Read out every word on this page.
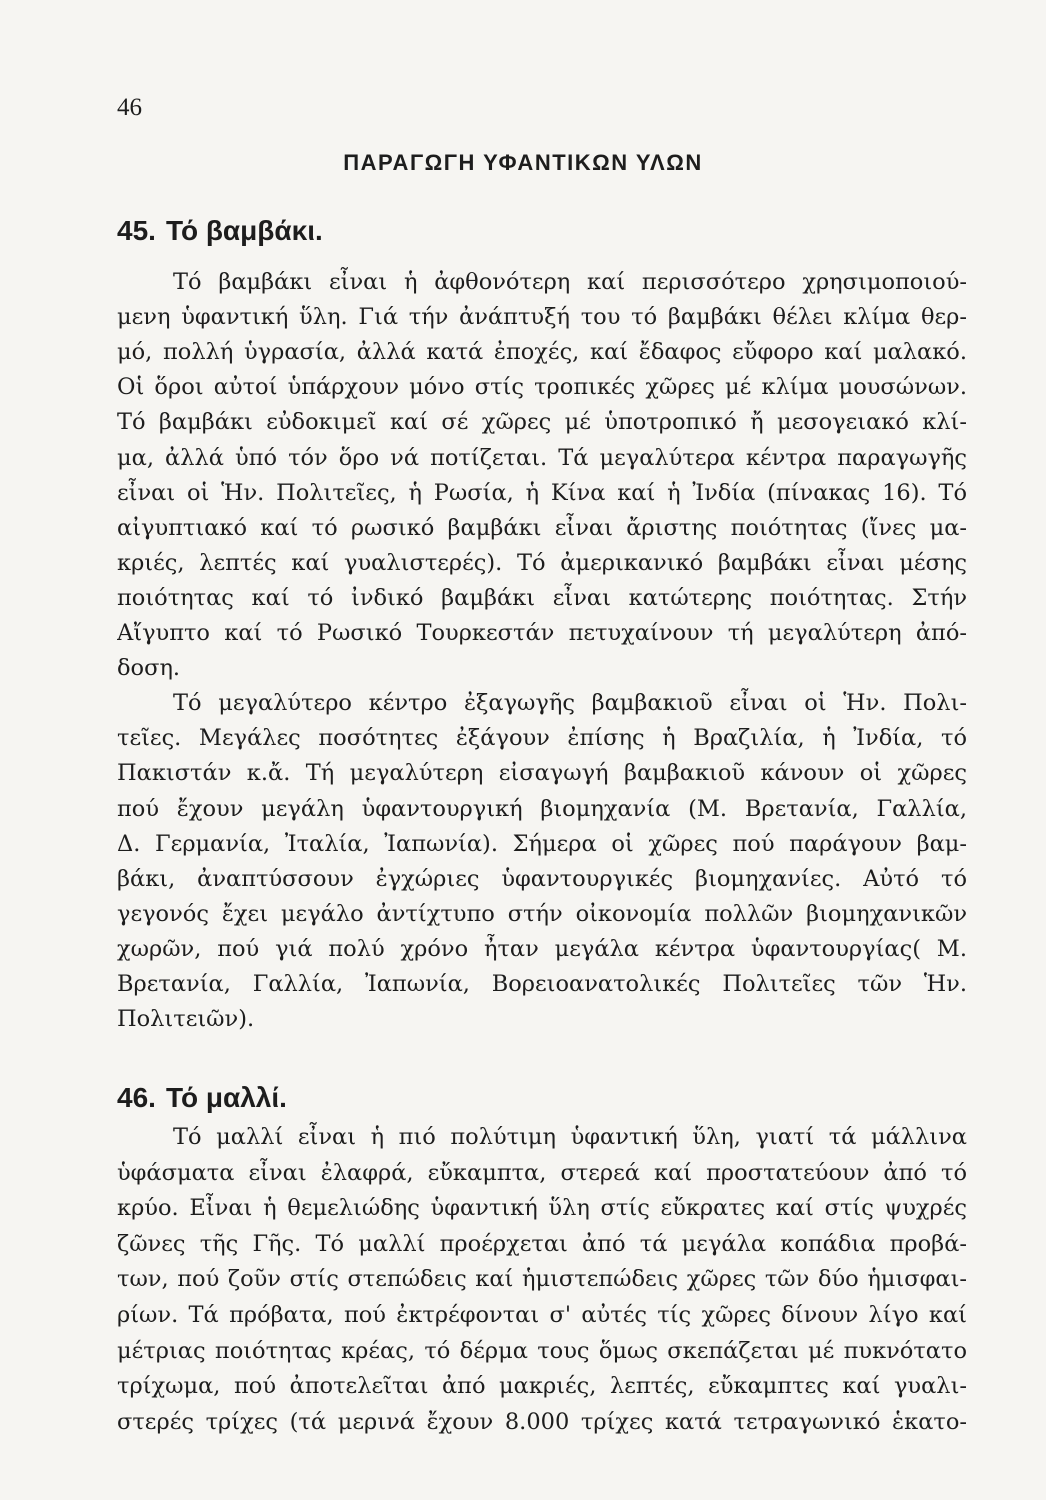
46
ΠΑΡΑΓΩΓΗ ΥΦΑΝΤΙΚΩΝ ΥΛΩΝ
45. Τό βαμβάκι.
Τό βαμβάκι εἶναι ἡ ἀφθονότερη καί περισσότερο χρησιμοποιού-
μενη ὑφαντική ὕλη. Γιά τήν ἀνάπτυξή του τό βαμβάκι θέλει κλίμα θερ-
μό, πολλή ὑγρασία, ἀλλά κατά ἐποχές, καί ἔδαφος εὔφορο καί μαλακό.
Οἱ ὅροι αὐτοί ὑπάρχουν μόνο στίς τροπικές χῶρες μέ κλίμα μουσώνων.
Τό βαμβάκι εὐδοκιμεῖ καί σέ χῶρες μέ ὑποτροπικό ἤ μεσογειακό κλί-
μα, ἀλλά ὑπό τόν ὅρο νά ποτίζεται. Τά μεγαλύτερα κέντρα παραγωγῆς
εἶναι οἱ Ἡν. Πολιτεῖες, ἡ Ρωσία, ἡ Κίνα καί ἡ Ἰνδία (πίνακας 16). Τό
αἰγυπτιακό καί τό ρωσικό βαμβάκι εἶναι ἄριστης ποιότητας (ἴνες μα-
κριές, λεπτές καί γυαλιστερές). Τό ἀμερικανικό βαμβάκι εἶναι μέσης
ποιότητας καί τό ἰνδικό βαμβάκι εἶναι κατώτερης ποιότητας. Στήν
Αἴγυπτο καί τό Ρωσικό Τουρκεστάν πετυχαίνουν τή μεγαλύτερη ἀπό-
δοση.
Τό μεγαλύτερο κέντρο ἐξαγωγῆς βαμβακιοῦ εἶναι οἱ Ἡν. Πολι-
τεῖες. Μεγάλες ποσότητες ἐξάγουν ἐπίσης ἡ Βραζιλία, ἡ Ἰνδία, τό
Πακιστάν κ.ἄ. Τή μεγαλύτερη εἰσαγωγή βαμβακιοῦ κάνουν οἱ χῶρες
πού ἔχουν μεγάλη ὑφαντουργική βιομηχανία (Μ. Βρετανία, Γαλλία,
Δ. Γερμανία, Ἰταλία, Ἰαπωνία). Σήμερα οἱ χῶρες πού παράγουν βαμ-
βάκι, ἀναπτύσσουν ἐγχώριες ὑφαντουργικές βιομηχανίες. Αὐτό τό
γεγονός ἔχει μεγάλο ἀντίχτυπο στήν οἰκονομία πολλῶν βιομηχανικῶν
χωρῶν, πού γιά πολύ χρόνο ἦταν μεγάλα κέντρα ὑφαντουργίας( Μ.
Βρετανία, Γαλλία, Ἰαπωνία, Βορειοανατολικές Πολιτεῖες τῶν Ἡν.
Πολιτειῶν).
46. Τό μαλλί.
Τό μαλλί εἶναι ἡ πιό πολύτιμη ὑφαντική ὕλη, γιατί τά μάλλινα
ὑφάσματα εἶναι ἐλαφρά, εὔκαμπτα, στερεά καί προστατεύουν ἀπό τό
κρύο. Εἶναι ἡ θεμελιώδης ὑφαντική ὕλη στίς εὔκρατες καί στίς ψυχρές
ζῶνες τῆς Γῆς. Τό μαλλί προέρχεται ἀπό τά μεγάλα κοπάδια προβά-
των, πού ζοῦν στίς στεπώδεις καί ἡμιστεπώδεις χῶρες τῶν δύο ἡμισφαι-
ρίων. Τά πρόβατα, πού ἐκτρέφονται σ' αὐτές τίς χῶρες δίνουν λίγο καί
μέτριας ποιότητας κρέας, τό δέρμα τους ὅμως σκεπάζεται μέ πυκνότατο
τρίχωμα, πού ἀποτελεῖται ἀπό μακριές, λεπτές, εὔκαμπτες καί γυαλι-
στερές τρίχες (τά μερινά ἔχουν 8.000 τρίχες κατά τετραγωνικό ἑκατο-
